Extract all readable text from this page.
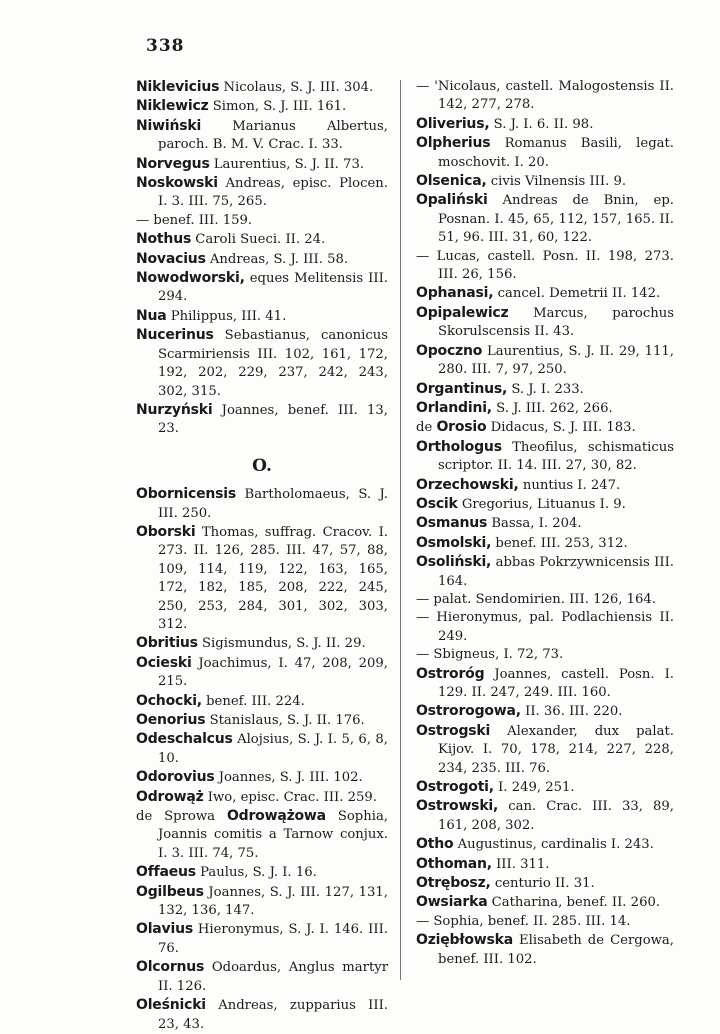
338

Niklevicius Nicolaus, S. J. III. 304.

Niklewicz Simon, S. J. III. 161.

Niwiński Marianus Albertus, paroch. B. M. V. Crac. I. 33.

Norvegus Laurentius, S. J. II. 73.

Noskowski Andreas, episc. Plocen. I. 3. III. 75, 265.

— benef. III. 159.

Nothus Caroli Sueci. II. 24.

Novacius Andreas, S. J. III. 58.

Nowodworski, eques Melitensis III. 294.

Nua Philippus, III. 41.

Nucerinus Sebastianus, canonicus Scarmiriensis III. 102, 161, 172, 192, 202, 229, 237, 242, 243, 302, 315.

Nurzyński Joannes, benef. III. 13, 23.

O.

Obornicensis Bartholomaeus, S. J. III. 250.

Oborski Thomas, suffrag. Cracov. I. 273. II. 126, 285. III. 47, 57, 88, 109, 114, 119, 122, 163, 165, 172, 182, 185, 208, 222, 245, 250, 253, 284, 301, 302, 303, 312.

Obritius Sigismundus, S. J. II. 29.

Ocieski Joachimus, I. 47, 208, 209, 215.

Ochocki, benef. III. 224.

Oenorius Stanislaus, S. J. II. 176.

Odeschalcus Alojsius, S. J. I. 5, 6, 8, 10.

Odorovius Joannes, S. J. III. 102.

Odrowąż Iwo, episc. Crac. III. 259.

de Sprowa Odrowążowa Sophia, Joannis comitis a Tarnow conjux. I. 3. III. 74, 75.

Offaeus Paulus, S. J. I. 16.

Ogilbeus Joannes, S. J. III. 127, 131, 132, 136, 147.

Olavius Hieronymus, S. J. I. 146. III. 76.

Olcornus Odoardus, Anglus martyr II. 126.

Oleśnicki Andreas, zupparius III. 23, 43.

— 'Nicolaus, castell. Malogostensis II. 142, 277, 278.

Oliverius, S. J. I. 6. II. 98.

Olpherius Romanus Basili, legat. moschovit. I. 20.

Olsenica, civis Vilnensis III. 9.

Opaliński Andreas de Bnin, ep. Posnan. I. 45, 65, 112, 157, 165. II. 51, 96. III. 31, 60, 122.

— Lucas, castell. Posn. II. 198, 273. III. 26, 156.

Ophanasi, cancel. Demetrii II. 142.

Opipalewicz Marcus, parochus Skorulscensis II. 43.

Opoczno Laurentius, S. J. II. 29, 111, 280. III. 7, 97, 250.

Organtinus, S. J. I. 233.

Orlandini, S. J. III. 262, 266.

de Orosio Didacus, S. J. III. 183.

Orthologus Theofilus, schismaticus scriptor. II. 14. III. 27, 30, 82.

Orzechowski, nuntius I. 247.

Oscik Gregorius, Lituanus I. 9.

Osmanus Bassa, I. 204.

Osmolski, benef. III. 253, 312.

Osoliński, abbas Pokrzywnicensis III. 164.

— palat. Sendomirien. III. 126, 164.

— Hieronymus, pal. Podlachiensis II. 249.

— Sbigneus, I. 72, 73.

Ostroróg Joannes, castell. Posn. I. 129. II. 247, 249. III. 160.

Ostrorogowa, II. 36. III. 220.

Ostrogski Alexander, dux palat. Kijov. I. 70, 178, 214, 227, 228, 234, 235. III. 76.

Ostrogoti, I. 249, 251.

Ostrowski, can. Crac. III. 33, 89, 161, 208, 302.

Otho Augustinus, cardinalis I. 243.

Othoman, III. 311.

Otrębosz, centurio II. 31.

Owsiarka Catharina, benef. II. 260.

— Sophia, benef. II. 285. III. 14.

Oziębłowska Elisabeth de Cergowa, benef. III. 102.
